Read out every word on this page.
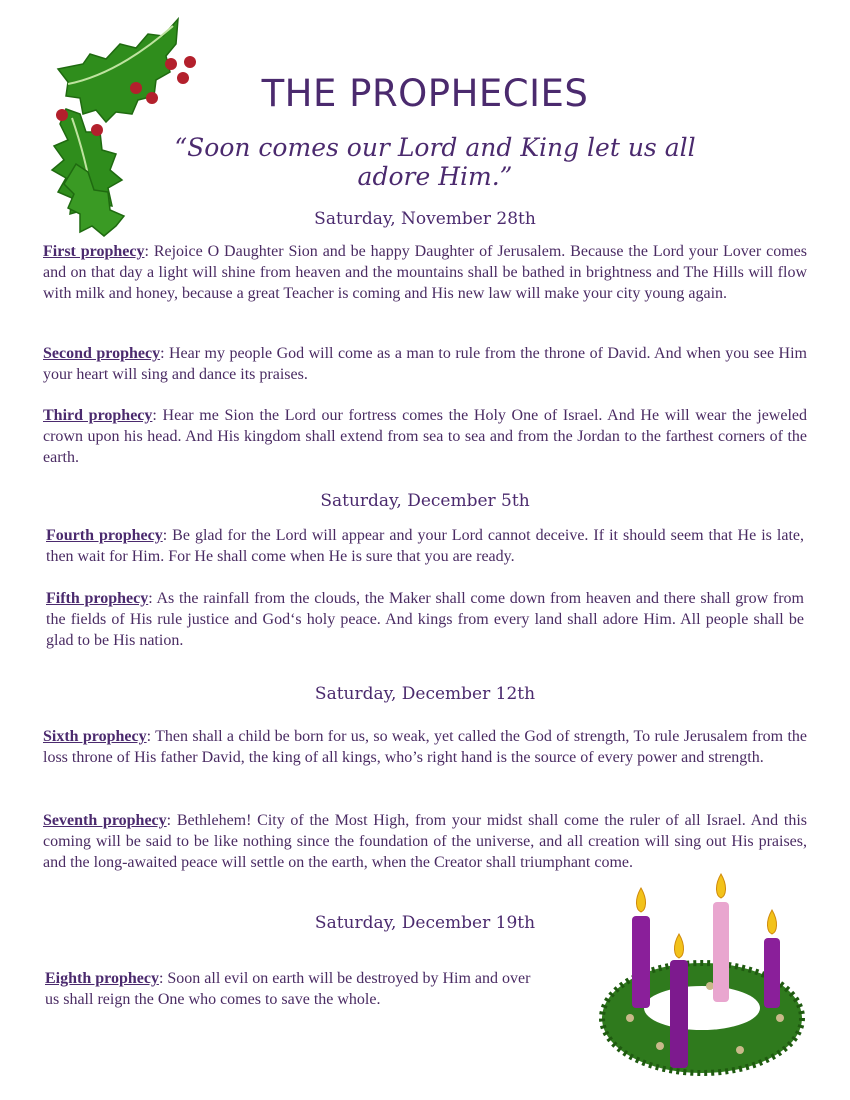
THE PROPHECIES
“Soon comes our Lord and King let us all adore Him.”
Saturday, November 28th
First prophecy: Rejoice O Daughter Sion and be happy Daughter of Jerusalem. Because the Lord your Lover comes and on that day a light will shine from heaven and the mountains shall be bathed in brightness and The Hills will flow with milk and honey, because a great Teacher is coming and His new law will make your city young again.
Second prophecy: Hear my people God will come as a man to rule from the throne of David. And when you see Him your heart will sing and dance its praises.
Third prophecy: Hear me Sion the Lord our fortress comes the Holy One of Israel. And He will wear the jeweled crown upon his head. And His kingdom shall extend from sea to sea and from the Jordan to the farthest corners of the earth.
Saturday, December 5th
Fourth prophecy: Be glad for the Lord will appear and your Lord cannot deceive. If it should seem that He is late, then wait for Him. For He shall come when He is sure that you are ready.
Fifth prophecy: As the rainfall from the clouds, the Maker shall come down from heaven and there shall grow from the fields of His rule justice and God‘s holy peace. And kings from every land shall adore Him. All people shall be glad to be His nation.
Saturday, December 12th
Sixth prophecy: Then shall a child be born for us, so weak, yet called the God of strength, To rule Jerusalem from the loss throne of His father David, the king of all kings, who’s right hand is the source of every power and strength.
Seventh prophecy: Bethlehem! City of the Most High, from your midst shall come the ruler of all Israel. And this coming will be said to be like nothing since the foundation of the universe, and all creation will sing out His praises, and the long-awaited peace will settle on the earth, when the Creator shall triumphant come.
Saturday, December 19th
Eighth prophecy: Soon all evil on earth will be destroyed by Him and over us shall reign the One who comes to save the whole.
